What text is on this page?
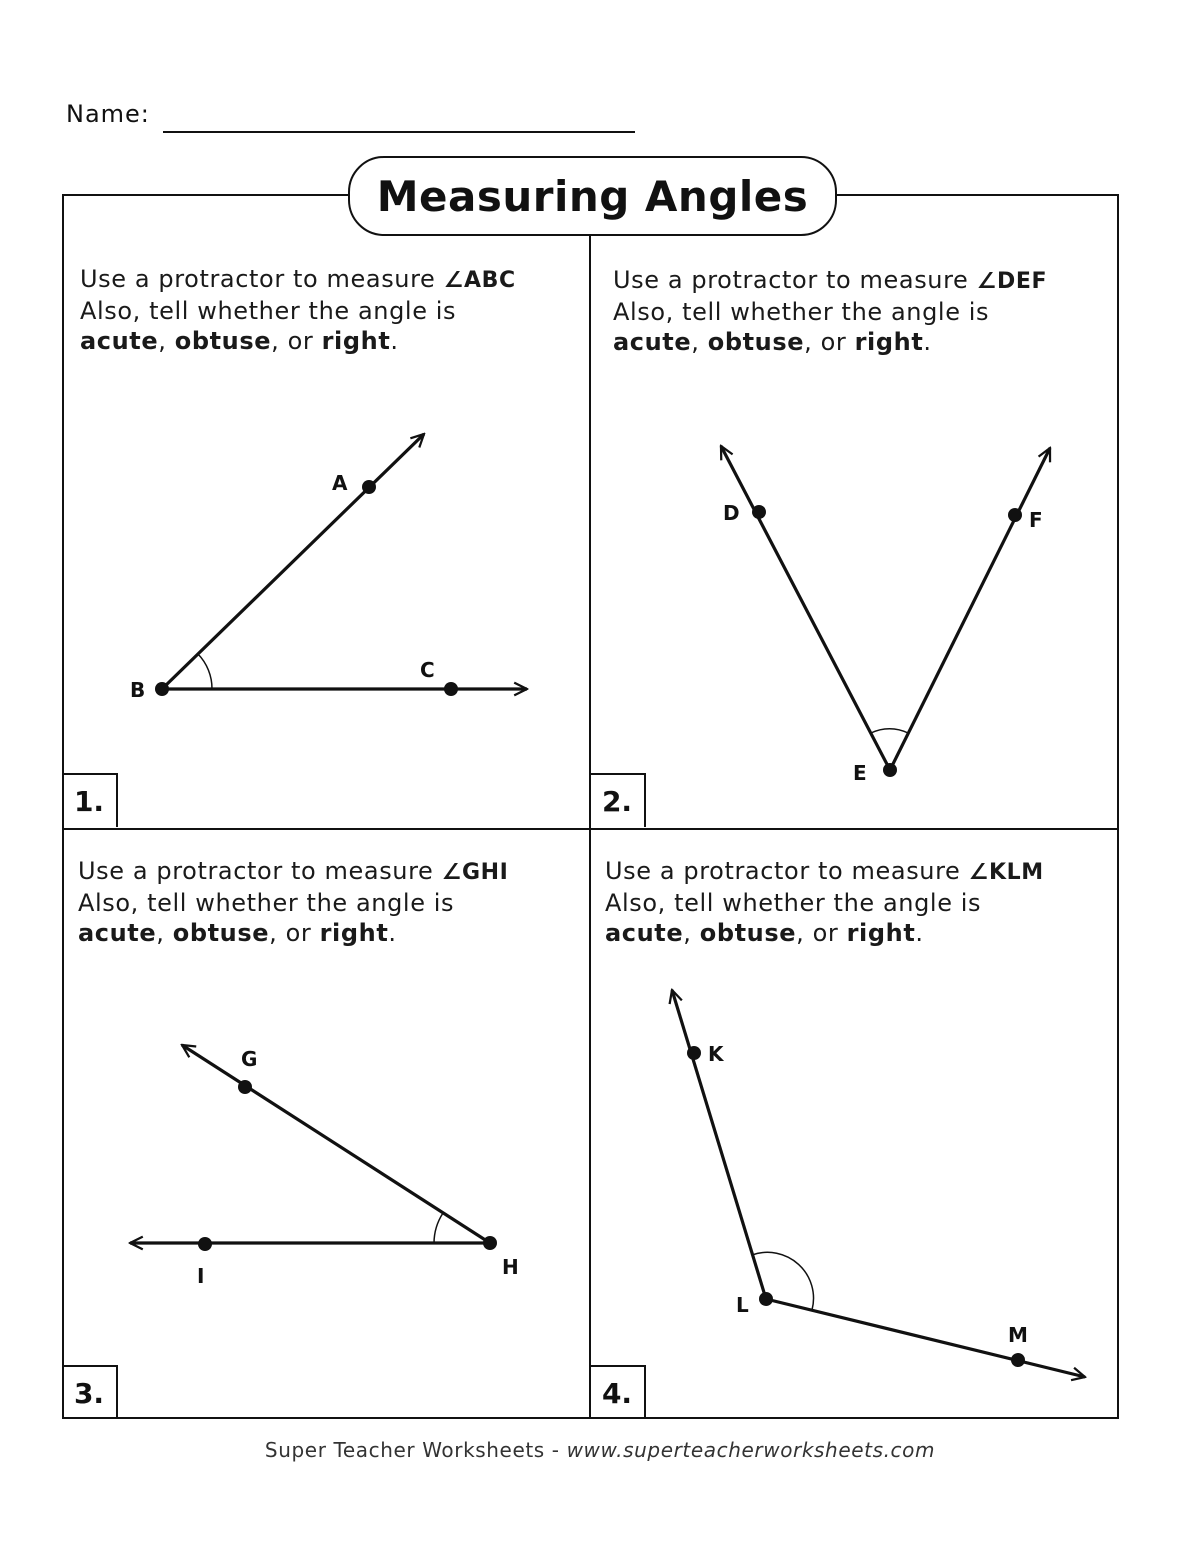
Name:
Measuring Angles
Use a protractor to measure ∠ABC
Also, tell whether the angle is
acute, obtuse, or right.
Use a protractor to measure ∠DEF
Also, tell whether the angle is
acute, obtuse, or right.
Use a protractor to measure ∠GHI
Also, tell whether the angle is
acute, obtuse, or right.
Use a protractor to measure ∠KLM
Also, tell whether the angle is
acute, obtuse, or right.
1.	2.
3.	4.
A
B
C
D
E
F
G
H
I
K
L
M
Super Teacher Worksheets - www.superteacherworksheets.com
